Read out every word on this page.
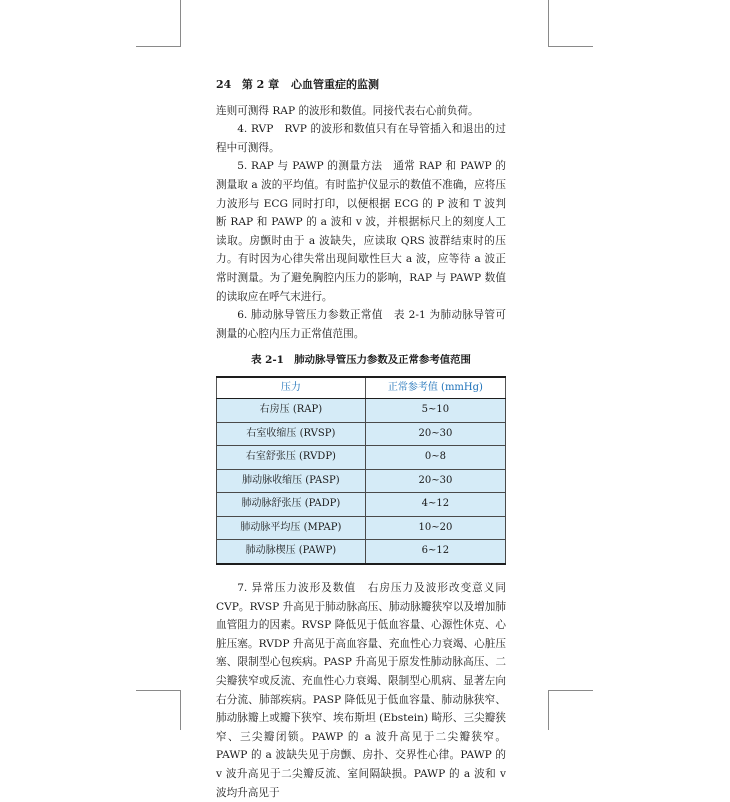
24 第 2 章 心血管重症的监测

连则可测得 RAP 的波形和数值。同接代表右心前负荷。

4. RVP　RVP 的波形和数值只有在导管插入和退出的过程中可测得。

5. RAP 与 PAWP 的测量方法　通常 RAP 和 PAWP 的测量取 a 波的平均值。有时监护仪显示的数值不准确，应将压力波形与 ECG 同时打印，以便根据 ECG 的 P 波和 T 波判断 RAP 和 PAWP 的 a 波和 v 波，并根据标尺上的刻度人工读取。房颤时由于 a 波缺失，应读取 QRS 波群结束时的压力。有时因为心律失常出现间歇性巨大 a 波，应等待 a 波正常时测量。为了避免胸腔内压力的影响，RAP 与 PAWP 数值的读取应在呼气末进行。

6. 肺动脉导管压力参数正常值　表 2-1 为肺动脉导管可测量的心腔内压力正常值范围。

表 2-1　肺动脉导管压力参数及正常参考值范围
压力	正常参考值 (mmHg)
右房压 (RAP)	5~10
右室收缩压 (RVSP)	20~30
右室舒张压 (RVDP)	0~8
肺动脉收缩压 (PASP)	20~30
肺动脉舒张压 (PADP)	4~12
肺动脉平均压 (MPAP)	10~20
肺动脉楔压 (PAWP)	6~12

7. 异常压力波形及数值　右房压力及波形改变意义同 CVP。RVSP 升高见于肺动脉高压、肺动脉瓣狭窄以及增加肺血管阻力的因素。RVSP 降低见于低血容量、心源性休克、心脏压塞。RVDP 升高见于高血容量、充血性心力衰竭、心脏压塞、限制型心包疾病。PASP 升高见于原发性肺动脉高压、二尖瓣狭窄或反流、充血性心力衰竭、限制型心肌病、显著左向右分流、肺部疾病。PASP 降低见于低血容量、肺动脉狭窄、肺动脉瓣上或瓣下狭窄、埃布斯坦 (Ebstein) 畸形、三尖瓣狭窄、三尖瓣闭锁。PAWP 的 a 波升高见于二尖瓣狭窄。PAWP 的 a 波缺失见于房颤、房扑、交界性心律。PAWP 的 v 波升高见于二尖瓣反流、室间隔缺损。PAWP 的 a 波和 v 波均升高见于
